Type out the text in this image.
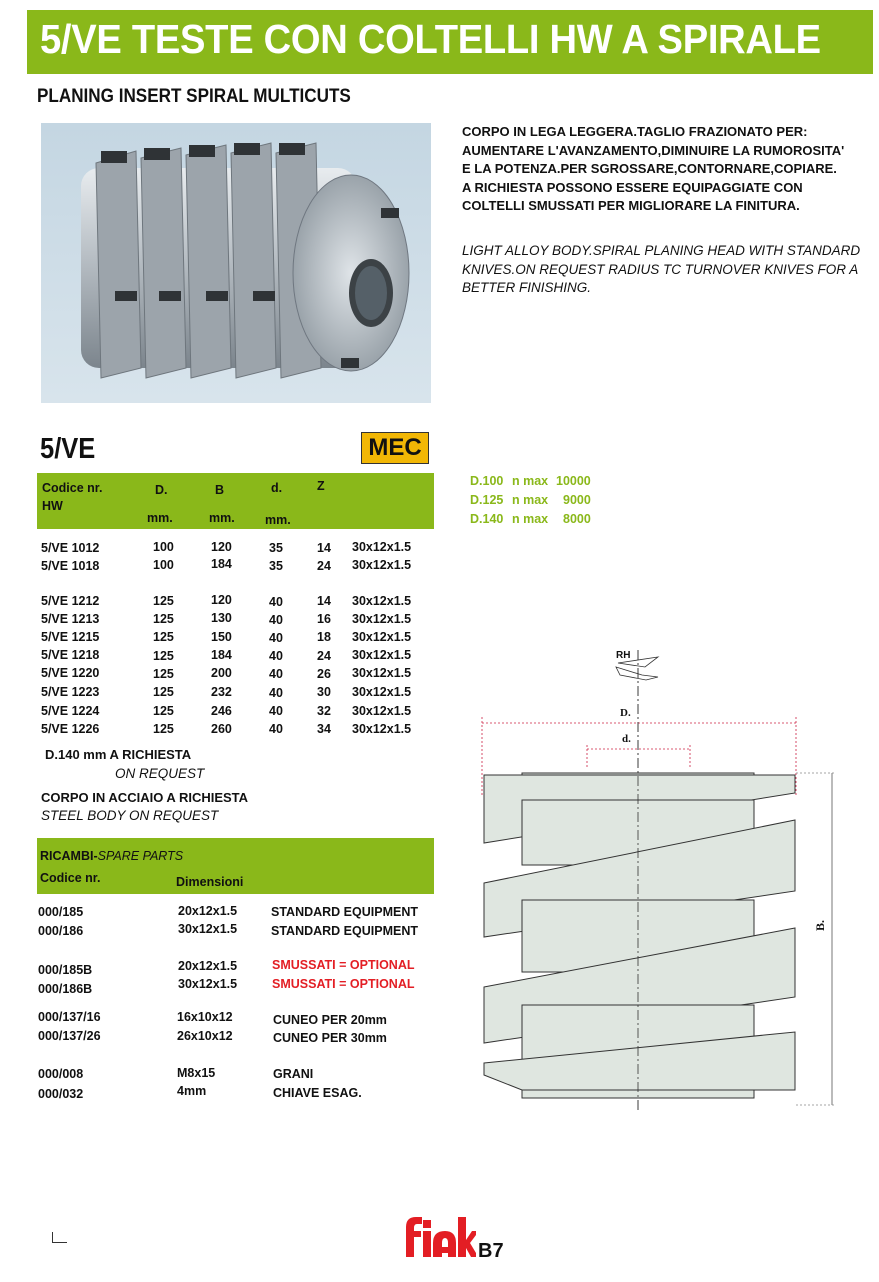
5/VE TESTE CON COLTELLI HW A SPIRALE
PLANING INSERT SPIRAL MULTICUTS
CORPO IN LEGA LEGGERA.TAGLIO FRAZIONATO PER:
AUMENTARE L'AVANZAMENTO,DIMINUIRE LA RUMOROSITA'
E LA POTENZA.PER SGROSSARE,CONTORNARE,COPIARE.
A RICHIESTA POSSONO ESSERE EQUIPAGGIATE CON
COLTELLI SMUSSATI PER MIGLIORARE LA FINITURA.
LIGHT ALLOY BODY.SPIRAL PLANING HEAD WITH STANDARD
KNIVES.ON REQUEST RADIUS TC TURNOVER KNIVES FOR A
BETTER FINISHING.
5/VE	MEC
Codice nr.
HW
D.	B	d.	Z
mm.	mm. mm.
5/VE 1012	100	120	35	14 30x12x1.5
5/VE 1018	100	184	35	24 30x12x1.5
5/VE 1212	125	120	40	14 30x12x1.5
5/VE 1213	125	130	40	16 30x12x1.5
5/VE 1215	125	150	40	18 30x12x1.5
5/VE 1218	125	184	40	24 30x12x1.5
5/VE 1220	125	200	40	26 30x12x1.5
5/VE 1223	125	232	40	30 30x12x1.5
5/VE 1224	125	246	40	32 30x12x1.5
5/VE 1226	125	260	40	34 30x12x1.5
D.100 n max 10000
D.125 n max 9000
D.140 n max 8000
D.140 mm A RICHIESTA
ON REQUEST
CORPO IN ACCIAIO A RICHIESTA
STEEL BODY ON REQUEST
RICAMBI-SPARE PARTS
Codice nr.	Dimensioni
000/185	20x12x1.5	STANDARD EQUIPMENT
000/186	30x12x1.5	STANDARD EQUIPMENT
000/185B	20x12x1.5	SMUSSATI = OPTIONAL
000/186B	30x12x1.5	SMUSSATI = OPTIONAL
000/137/16	16x10x12	CUNEO PER 20mm
000/137/26	26x10x12	CUNEO PER 30mm
000/008	M8x15	GRANI
000/032	4mm	CHIAVE ESAG.
RH
D.
d.
B.
B7
